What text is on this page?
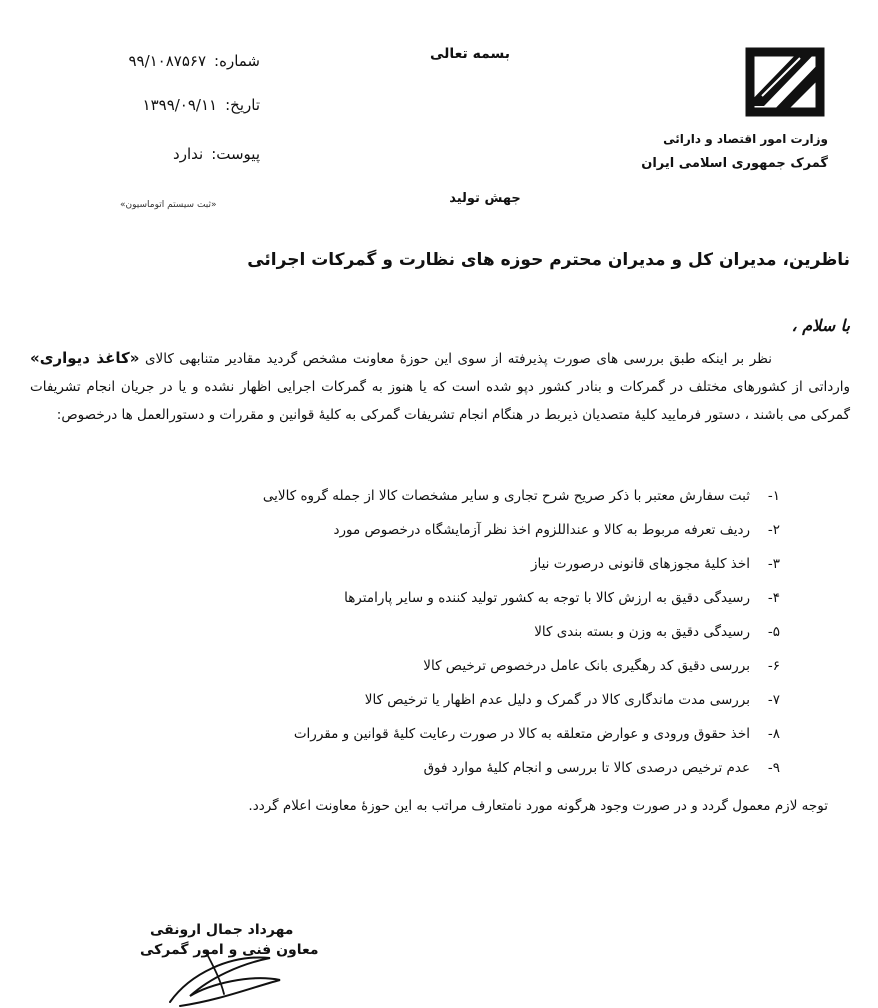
شماره:
۹۹/۱۰۸۷۵۶۷
تاریخ:
۱۳۹۹/۰۹/۱۱
پیوست:
ندارد
«ثبت سیستم اتوماسیون»
بسمه تعالی
جهش تولید
وزارت امور اقتصاد و دارائی
گمرک جمهوری اسلامی ایران
ناظرین، مدیران کل و مدیران محترم حوزه های نظارت و گمرکات اجرائی
با سلام ،
نظر بر اینکه طبق بررسی های صورت پذیرفته از سوی این حوزۀ معاونت مشخص گردید مقادیر متنابهی کالای «کاغذ دیواری» وارداتی از کشورهای مختلف در گمرکات و بنادر کشور دپو شده است که یا هنوز به گمرکات اجرایی اظهار نشده و یا در جریان انجام تشریفات گمرکی می باشند ، دستور فرمایید کلیۀ متصدیان ذیربط در هنگام انجام تشریفات گمرکی به کلیۀ قوانین و مقررات و دستورالعمل ها درخصوص:
۱-
ثبت سفارش معتبر با ذکر صریح شرح تجاری و سایر مشخصات کالا از جمله گروه کالایی
۲-
ردیف تعرفه مربوط به کالا و عنداللزوم اخذ نظر آزمایشگاه درخصوص مورد
۳-
اخذ کلیۀ مجوزهای قانونی درصورت نیاز
۴-
رسیدگی دقیق به ارزش کالا با توجه به کشور تولید کننده و سایر پارامترها
۵-
رسیدگی دقیق به وزن و بسته بندی کالا
۶-
بررسی دقیق کد رهگیری بانک عامل درخصوص ترخیص کالا
۷-
بررسی مدت ماندگاری کالا در گمرک و دلیل عدم اظهار یا ترخیص کالا
۸-
اخذ حقوق ورودی و عوارض متعلقه به کالا در صورت رعایت کلیۀ قوانین و مقررات
۹-
عدم ترخیص درصدی کالا تا بررسی و انجام کلیۀ موارد فوق
توجه لازم معمول گردد و در صورت وجود هرگونه مورد نامتعارف مراتب به این حوزۀ معاونت اعلام گردد.
مهرداد جمال ارونقی
معاون فنی و امور گمرکی
